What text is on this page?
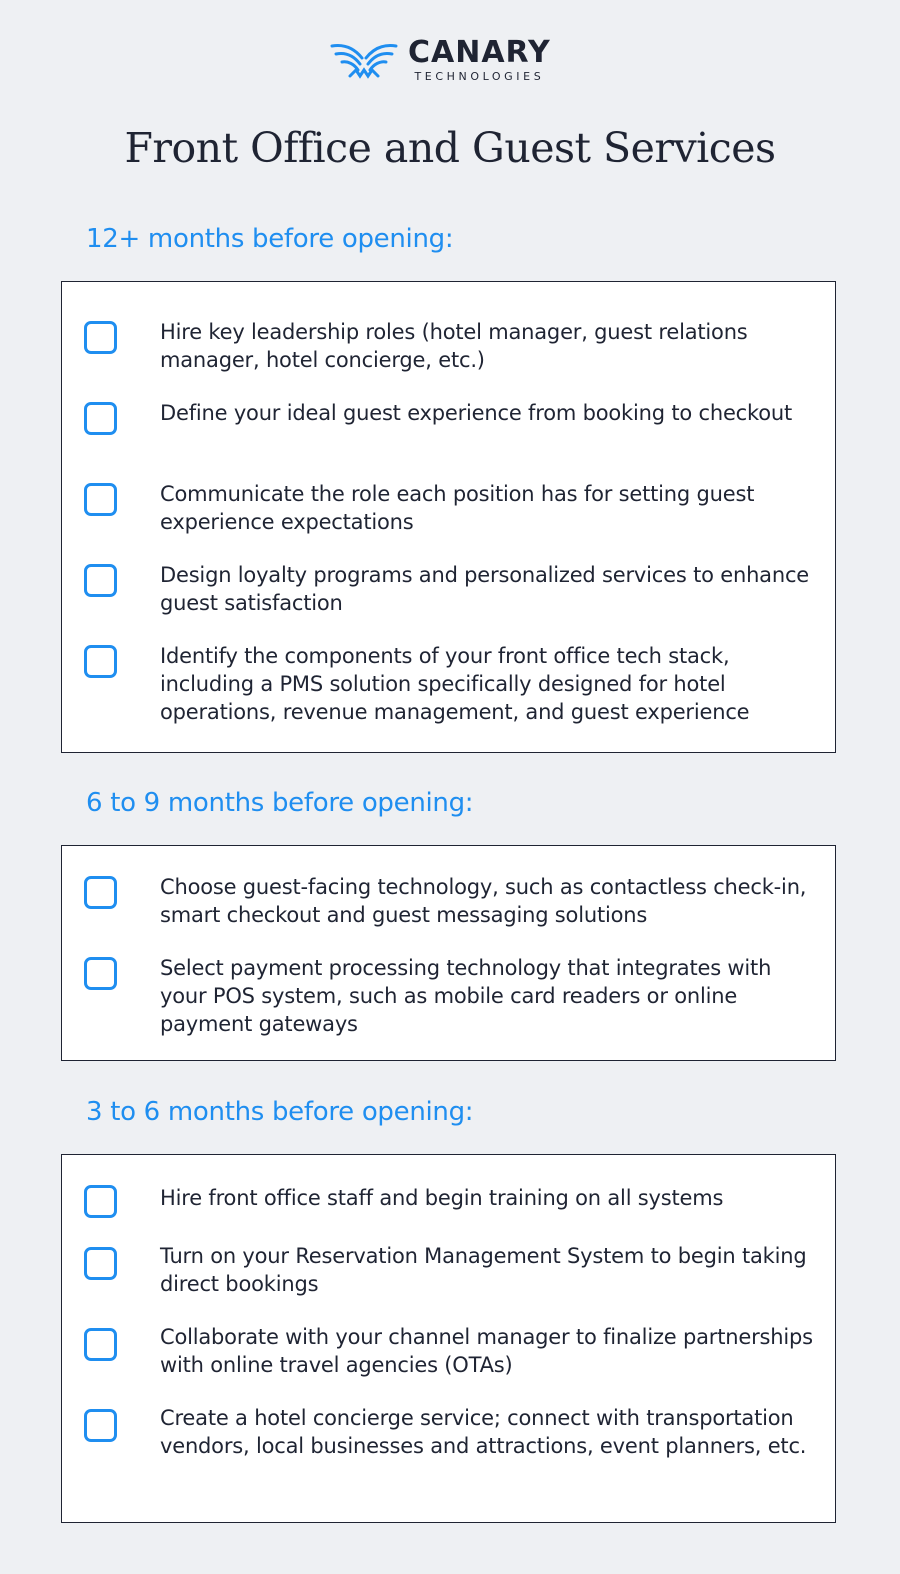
CANARY
TECHNOLOGIES
Front Office and Guest Services
12+ months before opening:
Hire key leadership roles (hotel manager, guest relations manager, hotel concierge, etc.)
Define your ideal guest experience from booking to checkout
Communicate the role each position has for setting guest experience expectations
Design loyalty programs and personalized services to enhance guest satisfaction
Identify the components of your front office tech stack, including a PMS solution specifically designed for hotel operations, revenue management, and guest experience
6 to 9 months before opening:
Choose guest-facing technology, such as contactless check-in, smart checkout and guest messaging solutions
Select payment processing technology that integrates with your POS system, such as mobile card readers or online payment gateways
3 to 6 months before opening:
Hire front office staff and begin training on all systems
Turn on your Reservation Management System to begin taking direct bookings
Collaborate with your channel manager to finalize partnerships with online travel agencies (OTAs)
Create a hotel concierge service; connect with transportation vendors, local businesses and attractions, event planners, etc.
